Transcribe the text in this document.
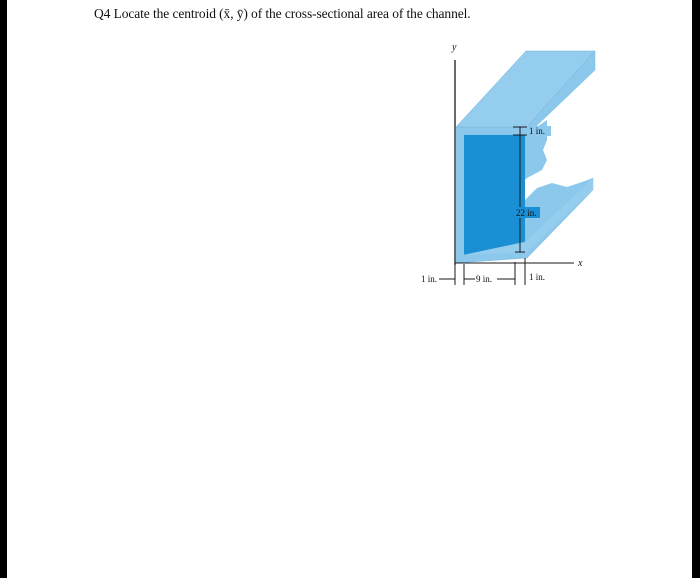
Q4 Locate the centroid (x̄, ȳ) of the cross-sectional area of the channel.
y
x
1 in.
22 in.
1 in.	9 in.	1 in.
